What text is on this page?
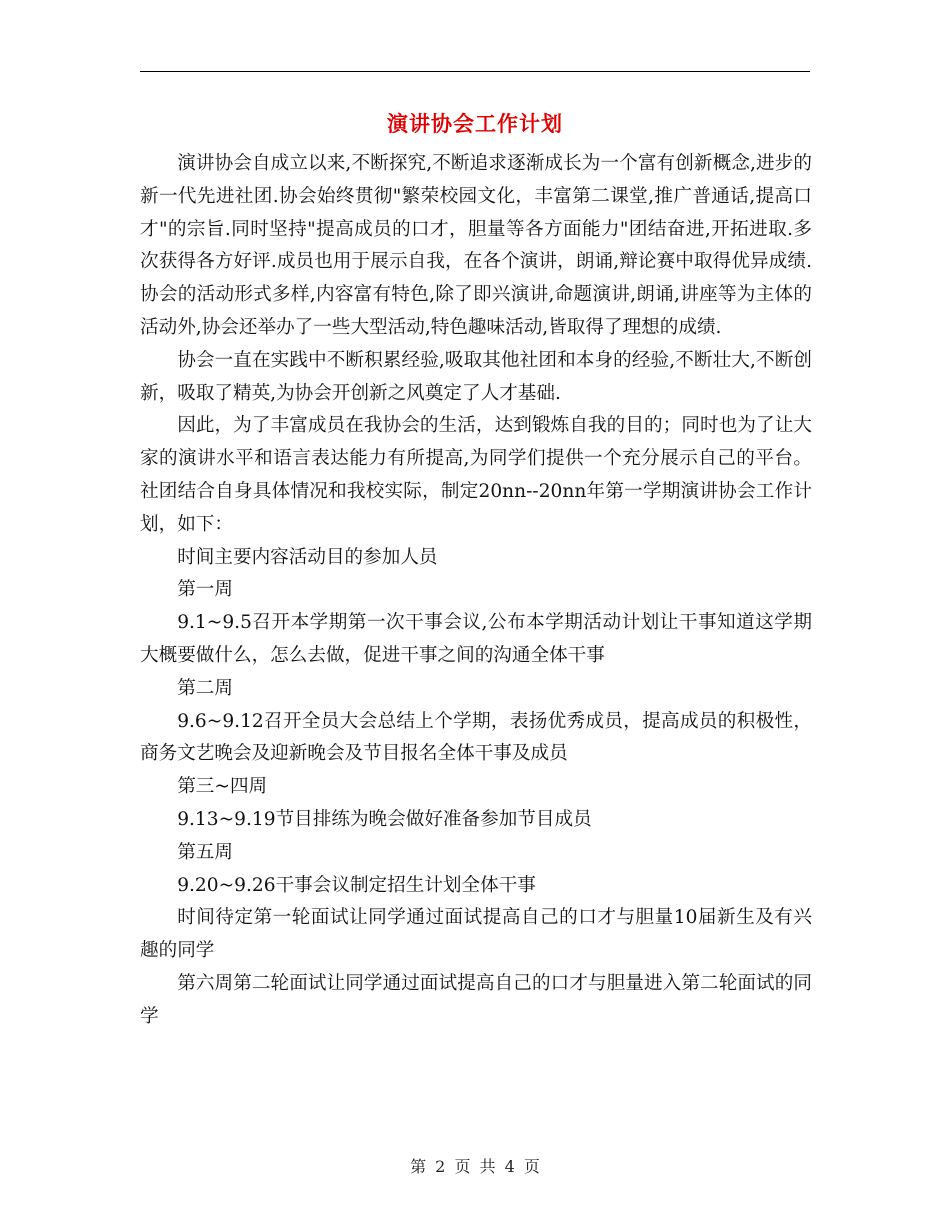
演讲协会工作计划

演讲协会自成立以来,不断探究,不断追求逐渐成长为一个富有创新概念,进步的新一代先进社团.协会始终贯彻"繁荣校园文化，丰富第二课堂,推广普通话,提高口才"的宗旨.同时坚持"提高成员的口才，胆量等各方面能力"团结奋进,开拓进取.多次获得各方好评.成员也用于展示自我，在各个演讲，朗诵,辩论赛中取得优异成绩.协会的活动形式多样,内容富有特色,除了即兴演讲,命题演讲,朗诵,讲座等为主体的活动外,协会还举办了一些大型活动,特色趣味活动,皆取得了理想的成绩.

协会一直在实践中不断积累经验,吸取其他社团和本身的经验,不断壮大,不断创新，吸取了精英,为协会开创新之风奠定了人才基础.

因此，为了丰富成员在我协会的生活，达到锻炼自我的目的；同时也为了让大家的演讲水平和语言表达能力有所提高,为同学们提供一个充分展示自己的平台。社团结合自身具体情况和我校实际，制定20nn--20nn年第一学期演讲协会工作计划，如下：

时间主要内容活动目的参加人员

第一周

9.1~9.5召开本学期第一次干事会议,公布本学期活动计划让干事知道这学期大概要做什么，怎么去做，促进干事之间的沟通全体干事

第二周

9.6~9.12召开全员大会总结上个学期，表扬优秀成员，提高成员的积极性，商务文艺晚会及迎新晚会及节目报名全体干事及成员

第三~四周

9.13~9.19节目排练为晚会做好准备参加节目成员

第五周

9.20~9.26干事会议制定招生计划全体干事

时间待定第一轮面试让同学通过面试提高自己的口才与胆量10届新生及有兴趣的同学

第六周第二轮面试让同学通过面试提高自己的口才与胆量进入第二轮面试的同学

第 2 页 共 4 页
